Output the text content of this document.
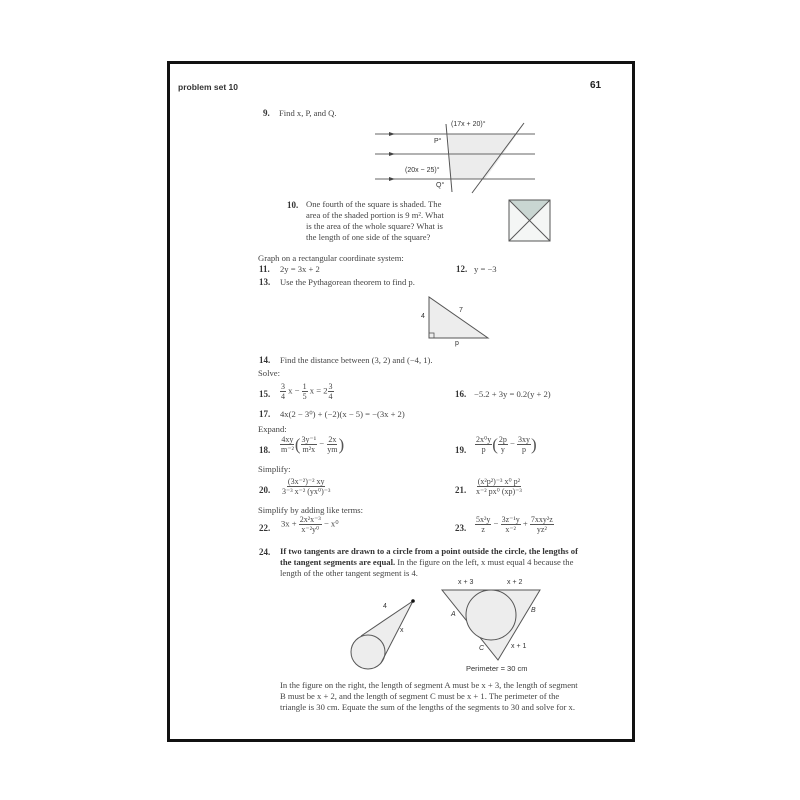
problem set 10	61
9. Find x, P, and Q.
(17x + 20)°
P°
(20x − 25)°
Q°
10. One fourth of the square is shaded. The
area of the shaded portion is 9 m². What
is the area of the whole square? What is
the length of one side of the square?
Graph on a rectangular coordinate system:
11. 2y = 3x + 2	12. y = −3
13. Use the Pythagorean theorem to find p.
4
7
p
14. Find the distance between (3, 2) and (−4, 1).
Solve:
15. $\frac{3}{4}$ $x - \frac{1}{5}$ $x = 2 \frac{3}{4}$	16. −5.2 + 3y = 0.2(y + 2)
17. 4x(2 − 3⁰) + (−2)(x − 5) = −(3x + 2)
Expand:
18. $\frac{4xy}{\text{m⁻²}}$ ( $\frac{\text{3y⁻¹}}{\text{m²x}} - \frac{2x}{ym}$ )	19. $\frac{\text{2x⁰y}}{p}$ ( $\frac{2p}{y} - \frac{3xy}{p}$ )
Simplify:
20. $\frac{\text{(3x⁻²)⁻² xy}}{\text{3⁻³ x⁻² (yx⁰)⁻³}}$	21. $\frac{\text{(x²p²)⁻³ x⁰ p²}}{\text{x⁻² px⁰ (xp)⁻³}}$
Simplify by adding like terms:
22. $3x + \frac{\text{2x²x⁻³}}{\text{x⁻²y⁰}} - x^0$	23. $\frac{\text{5x²y}}{z} - \frac{\text{3z⁻¹y}}{\text{x⁻²}} + \frac{\text{7xxy²z}}{\text{yz²}}$
24. If two tangents are drawn to a circle from a point outside the circle, the lengths of
the tangent segments are equal. In the figure on the left, x must equal 4 because the
length of the other tangent segment is 4.
4
x
x + 3	x + 2
A
B
C	x + 1
Perimeter = 30 cm
In the figure on the right, the length of segment A must be x + 3, the length of segment
B must be x + 2, and the length of segment C must be x + 1. The perimeter of the
triangle is 30 cm. Equate the sum of the lengths of the segments to 30 and solve for x.
